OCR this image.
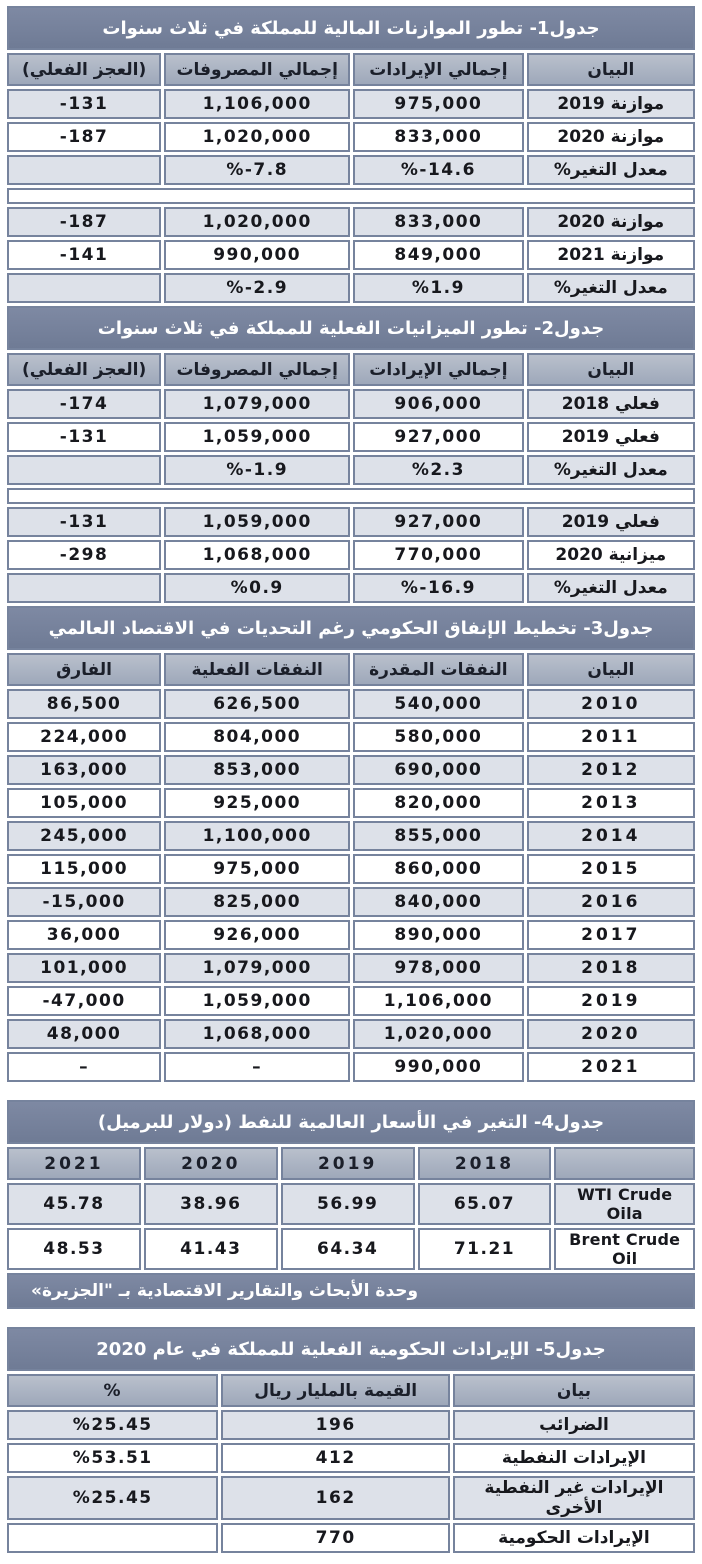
جدول1- تطور الموازنات المالية للمملكة في ثلاث سنوات			
البيان	إجمالي الإيرادات	إجمالي المصروفات	(العجز الفعلي)
موازنة 2019	975,000	1,106,000	-131
موازنة 2020	833,000	1,020,000	-187
معدل التغير%	%-14.6	%-7.8	

موازنة 2020	833,000	1,020,000	-187
موازنة 2021	849,000	990,000	-141
معدل التغير%	%1.9	%-2.9	
جدول2- تطور الميزانيات الفعلية للمملكة في ثلاث سنوات			
البيان	إجمالي الإيرادات	إجمالي المصروفات	(العجز الفعلي)
فعلي 2018	906,000	1,079,000	-174
فعلي 2019	927,000	1,059,000	-131
معدل التغير%	%2.3	%-1.9	

فعلي 2019	927,000	1,059,000	-131
ميزانية 2020	770,000	1,068,000	-298
معدل التغير%	%-16.9	%0.9	
جدول3- تخطيط الإنفاق الحكومي رغم التحديات في الاقتصاد العالمي			
البيان	النفقات المقدرة	النفقات الفعلية	الفارق
2010	540,000	626,500	86,500
2011	580,000	804,000	224,000
2012	690,000	853,000	163,000
2013	820,000	925,000	105,000
2014	855,000	1,100,000	245,000
2015	860,000	975,000	115,000
2016	840,000	825,000	-15,000
2017	890,000	926,000	36,000
2018	978,000	1,079,000	101,000
2019	1,106,000	1,059,000	-47,000
2020	1,020,000	1,068,000	48,000
2021	990,000	–	–
جدول4- التغير في الأسعار العالمية للنفط (دولار للبرميل)				
	2018	2019	2020	2021
WTI Crude Oila	65.07	56.99	38.96	45.78
Brent Crude Oil	71.21	64.34	41.43	48.53
وحدة الأبحاث والتقارير الاقتصادية بـ "الجزيرة»				
جدول5- الإيرادات الحكومية الفعلية للمملكة في عام 2020		
بيان	القيمة بالمليار ريال	%
الضرائب	196	%25.45
الإيرادات النفطية	412	%53.51
الإيرادات غير النفطية الأخرى	162	%25.45
الإيرادات الحكومية	770	
